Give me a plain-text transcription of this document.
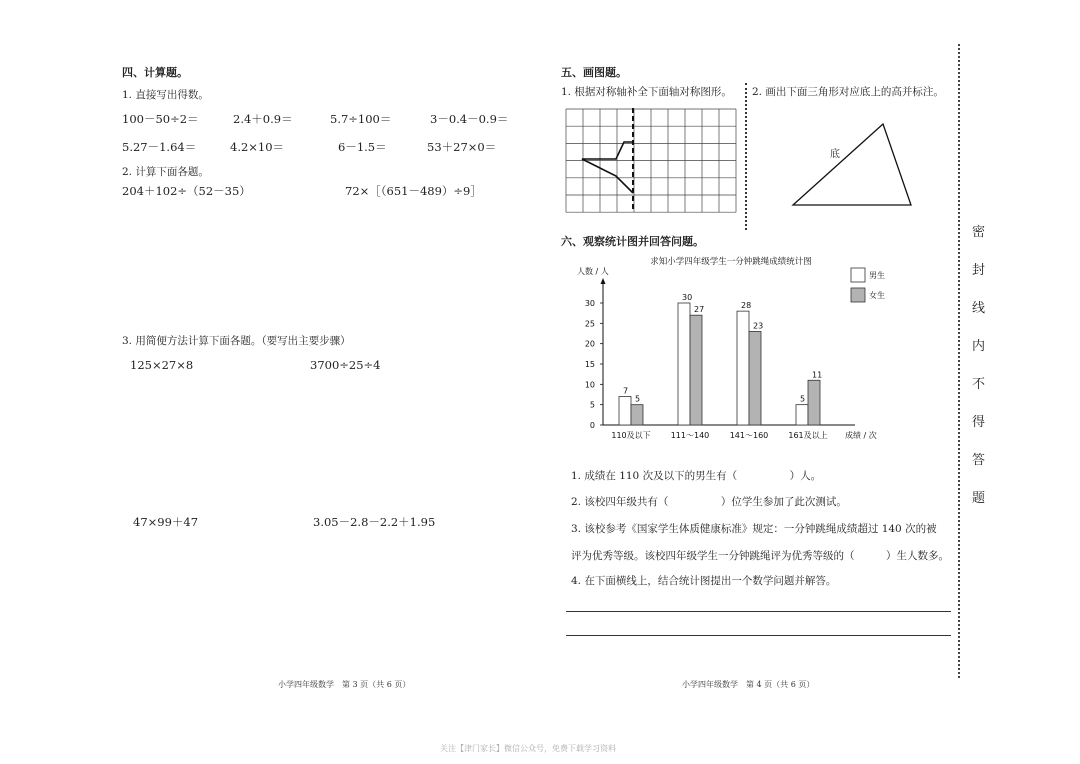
四、计算题。
1. 直接写出得数。
100－50÷2＝	2.4＋0.9＝	5.7÷100＝	3－0.4－0.9＝
5.27－1.64＝	4.2×10＝	6－1.5＝	53＋27×0＝
2. 计算下面各题。
204＋102÷（52－35）	72×［（651－489）÷9］
3. 用简便方法计算下面各题。（要写出主要步骤）
125×27×8	3700÷25÷4
47×99＋47	3.05－2.8－2.2＋1.95
小学四年级数学　第 3 页（共 6 页）
五、画图题。
1. 根据对称轴补全下面轴对称图形。 2. 画出下面三角形对应底上的高并标注。
底
六、观察统计图并回答问题。
求知小学四年级学生一分钟跳绳成绩统计图
人数 / 人
成绩 / 次
0
5
10
15
20
25
30
7
5
110及以下
30
27
111～140
28
23
141～160
5
11
161及以上
男生
女生
1. 成绩在 110 次及以下的男生有（　　　　　）人。
2. 该校四年级共有（　　　　　）位学生参加了此次测试。
3. 该校参考《国家学生体质健康标准》规定：一分钟跳绳成绩超过 140 次的被
评为优秀等级。该校四年级学生一分钟跳绳评为优秀等级的（　　　）生人数多。
4. 在下面横线上，结合统计图提出一个数学问题并解答。
小学四年级数学　第 4 页（共 6 页）
密
封
线
内
不
得
答
题
关注【津门家长】微信公众号，免费下载学习资料
